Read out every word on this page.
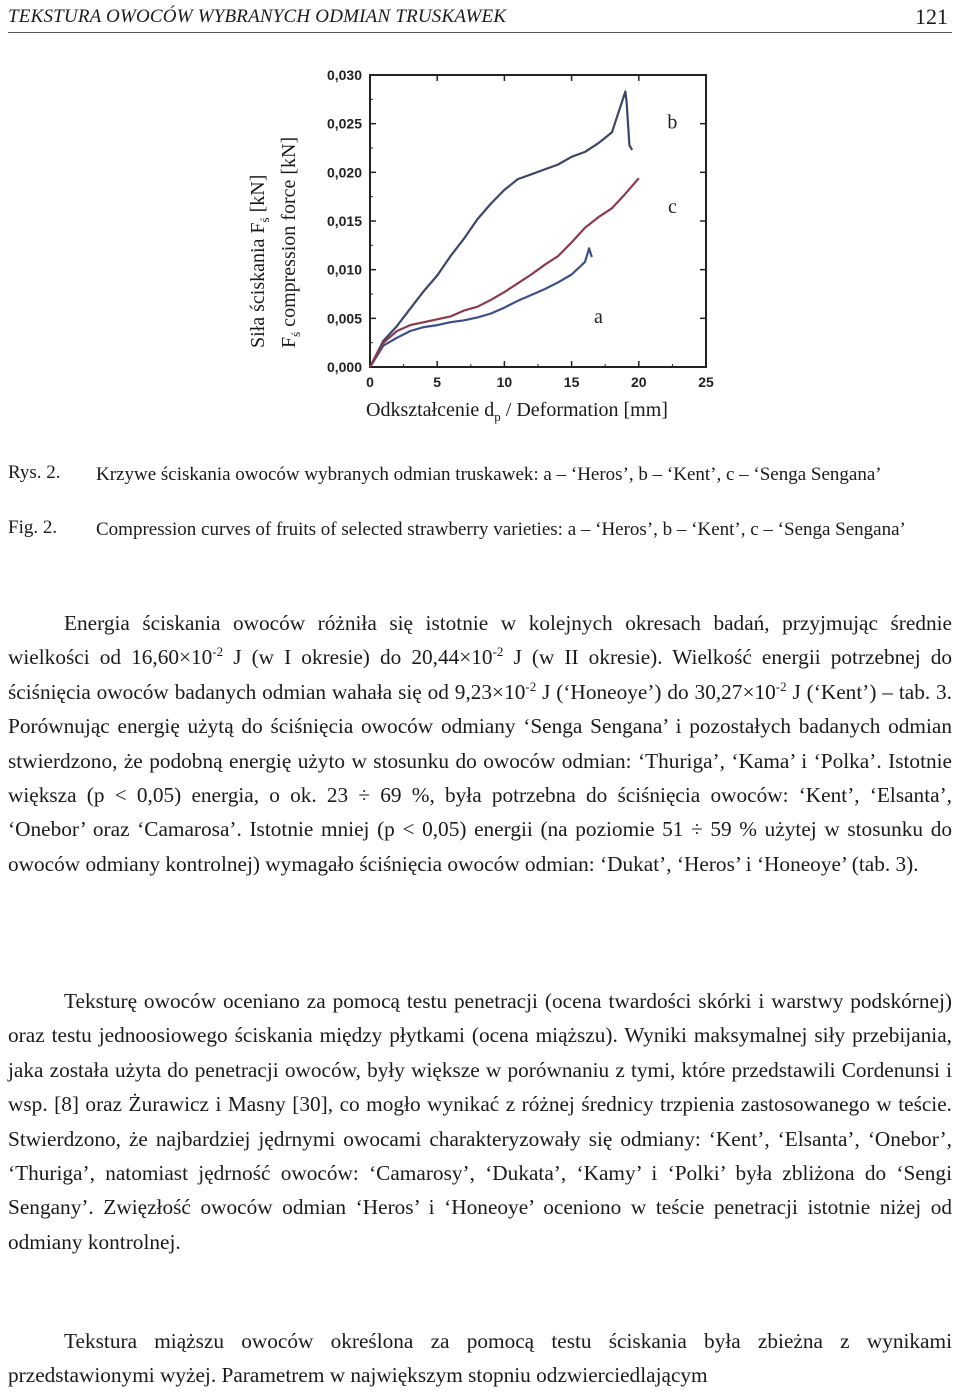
TEKSTURA OWOCÓW WYBRANYCH ODMIAN TRUSKAWEK	121
0	5	10	15	20	25
0,000
0,005
0,010
0,015
0,020
0,025
0,030
a
b
c
Siła ściskania $F_ś$ [kN]
$F_ś$ compression force [kN]
Odkształcenie $d_p$ / Deformation [mm]
Rys. 2. Krzywe ściskania owoców wybranych odmian truskawek: a – ‘Heros’, b – ‘Kent’, c – ‘Senga Sengana’
Fig. 2. Compression curves of fruits of selected strawberry varieties: a – ‘Heros’, b – ‘Kent’, c – ‘Senga Sengana’

Energia ściskania owoców różniła się istotnie w kolejnych okresach badań, przyjmując średnie wielkości od $16,60\times 10^{-2}$ J (w I okresie) do $20,44\times 10^{-2}$ J (w II okresie). Wielkość energii potrzebnej do ściśnięcia owoców badanych odmian wahała się od $9,23\times 10^{-2}$ J (‘Honeoye’) do $30,27\times 10^{-2}$ J (‘Kent’) – tab. 3. Porównując energię użytą do ściśnięcia owoców odmiany ‘Senga Sengana’ i pozostałych badanych odmian stwierdzono, że podobną energię użyto w stosunku do owoców odmian: ‘Thuriga’, ‘Kama’ i ‘Polka’. Istotnie większa (p < 0,05) energia, o ok. 23 ÷ 69 %, była potrzebna do ściśnięcia owoców: ‘Kent’, ‘Elsanta’, ‘Onebor’ oraz ‘Camarosa’. Istotnie mniej (p < 0,05) energii (na poziomie 51 ÷ 59 % użytej w stosunku do owoców odmiany kontrolnej) wymagało ściśnięcia owoców odmian: ‘Dukat’, ‘Heros’ i ‘Honeoye’ (tab. 3).

Teksturę owoców oceniano za pomocą testu penetracji (ocena twardości skórki i warstwy podskórnej) oraz testu jednoosiowego ściskania między płytkami (ocena miąższu). Wyniki maksymalnej siły przebijania, jaka została użyta do penetracji owoców, były większe w porównaniu z tymi, które przedstawili Cordenunsi i wsp. [8] oraz Żurawicz i Masny [30], co mogło wynikać z różnej średnicy trzpienia zastosowanego w teście. Stwierdzono, że najbardziej jędrnymi owocami charakteryzowały się odmiany: ‘Kent’, ‘Elsanta’, ‘Onebor’, ‘Thuriga’, natomiast jędrność owoców: ‘Camarosy’, ‘Dukata’, ‘Kamy’ i ‘Polki’ była zbliżona do ‘Sengi Sengany’. Zwięzłość owoców odmian ‘Heros’ i ‘Honeoye’ oceniono w teście penetracji istotnie niżej od odmiany kontrolnej.

Tekstura miąższu owoców określona za pomocą testu ściskania była zbieżna z wynikami przedstawionymi wyżej. Parametrem w największym stopniu odzwierciedlającym
